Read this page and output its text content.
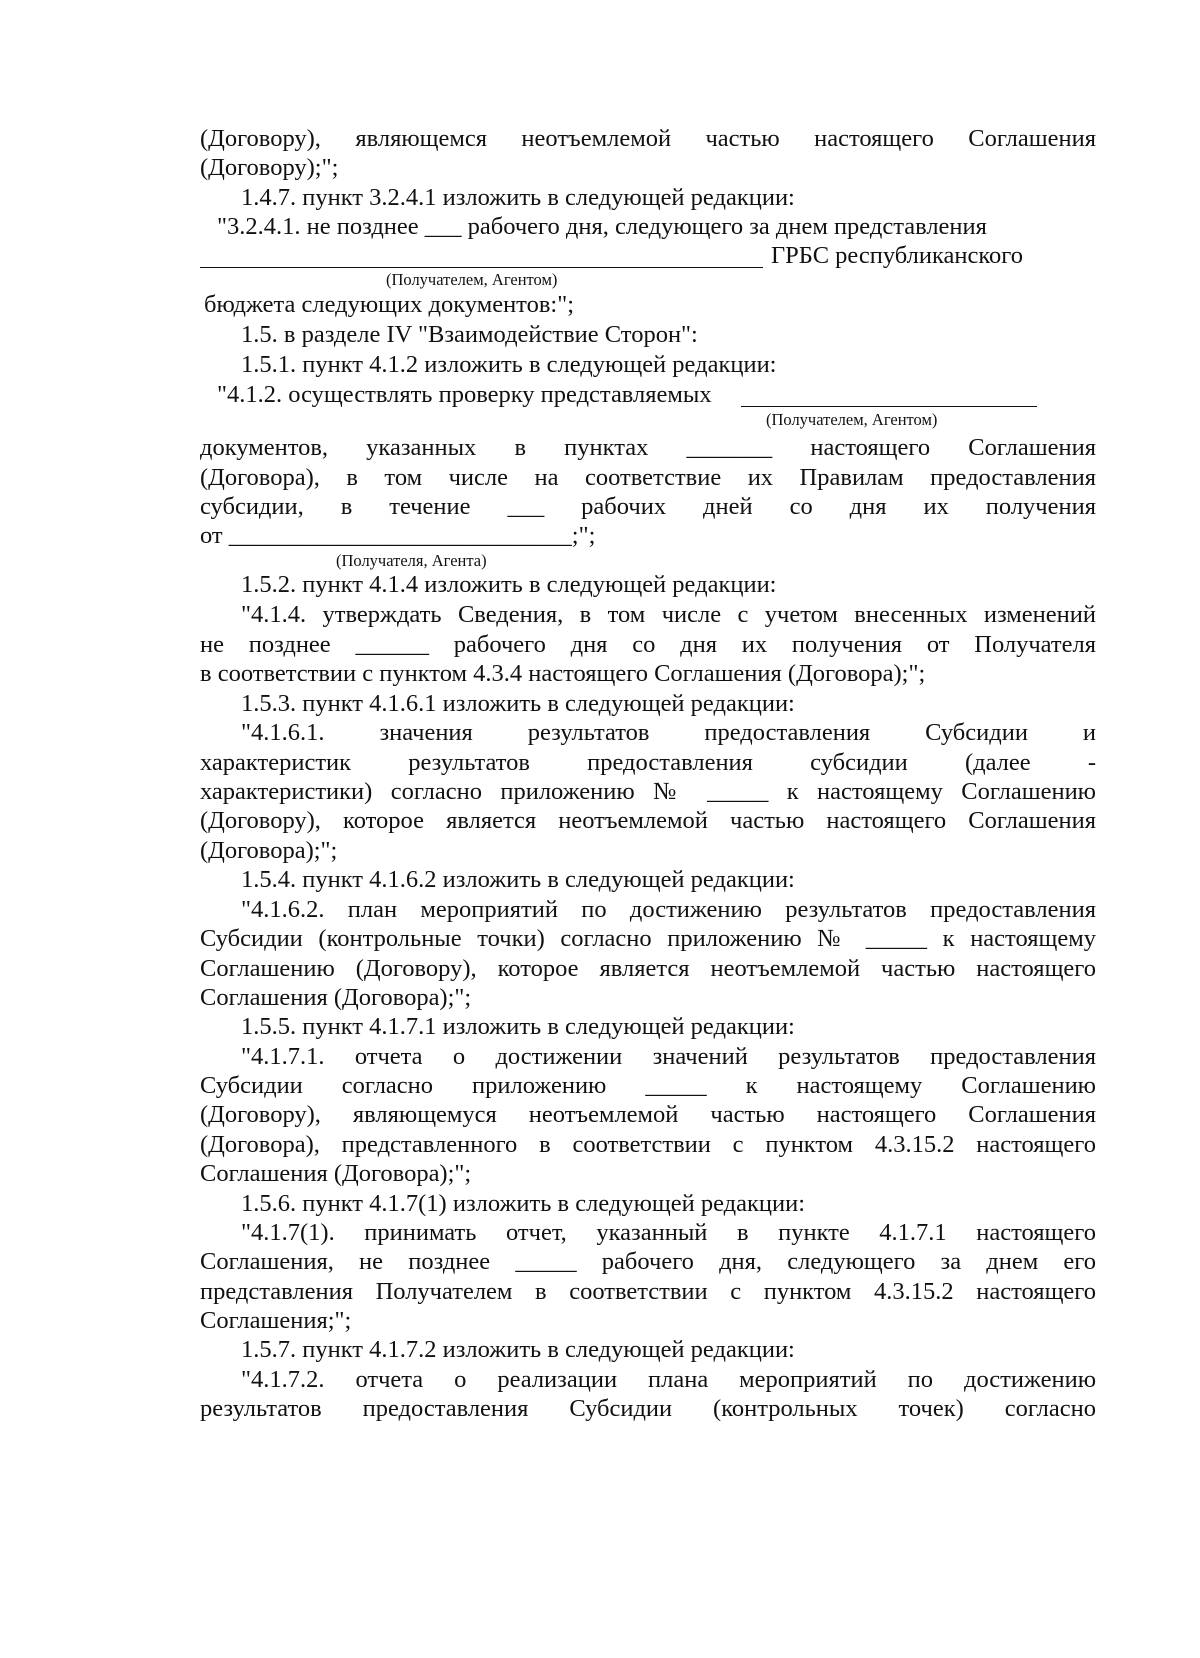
(Договору), являющемся неотъемлемой частью настоящего Соглашения

(Договору);";

1.4.7. пункт 3.2.4.1 изложить в следующей редакции:

"3.2.4.1. не позднее ___ рабочего дня, следующего за днем представления

ГРБС республиканского

(Получателем, Агентом)

бюджета следующих документов:";

1.5. в разделе IV "Взаимодействие Сторон":

1.5.1. пункт 4.1.2 изложить в следующей редакции:

"4.1.2. осуществлять проверку представляемых

(Получателем, Агентом)

документов, указанных в пунктах _______ настоящего Соглашения

(Договора), в том числе на соответствие их Правилам предоставления

субсидии, в течение ___ рабочих дней со дня их получения

от ____________________________;";

(Получателя, Агента)

1.5.2. пункт 4.1.4 изложить в следующей редакции:

"4.1.4. утверждать Сведения, в том числе с учетом внесенных изменений

не позднее ______ рабочего дня со дня их получения от Получателя

в соответствии с пунктом 4.3.4 настоящего Соглашения (Договора);";

1.5.3. пункт 4.1.6.1 изложить в следующей редакции:

"4.1.6.1. значения результатов предоставления Субсидии и

характеристик результатов предоставления субсидии (далее -

характеристики) согласно приложению № _____ к настоящему Соглашению

(Договору), которое является неотъемлемой частью настоящего Соглашения

(Договора);";

1.5.4. пункт 4.1.6.2 изложить в следующей редакции:

"4.1.6.2. план мероприятий по достижению результатов предоставления

Субсидии (контрольные точки) согласно приложению № _____ к настоящему

Соглашению (Договору), которое является неотъемлемой частью настоящего

Соглашения (Договора);";

1.5.5. пункт 4.1.7.1 изложить в следующей редакции:

"4.1.7.1. отчета о достижении значений результатов предоставления

Субсидии согласно приложению _____ к настоящему Соглашению

(Договору), являющемуся неотъемлемой частью настоящего Соглашения

(Договора), представленного в соответствии с пунктом 4.3.15.2 настоящего

Соглашения (Договора);";

1.5.6. пункт 4.1.7(1) изложить в следующей редакции:

"4.1.7(1). принимать отчет, указанный в пункте 4.1.7.1 настоящего

Соглашения, не позднее _____ рабочего дня, следующего за днем его

представления Получателем в соответствии с пунктом 4.3.15.2 настоящего

Соглашения;";

1.5.7. пункт 4.1.7.2 изложить в следующей редакции:

"4.1.7.2. отчета о реализации плана мероприятий по достижению

результатов предоставления Субсидии (контрольных точек) согласно
